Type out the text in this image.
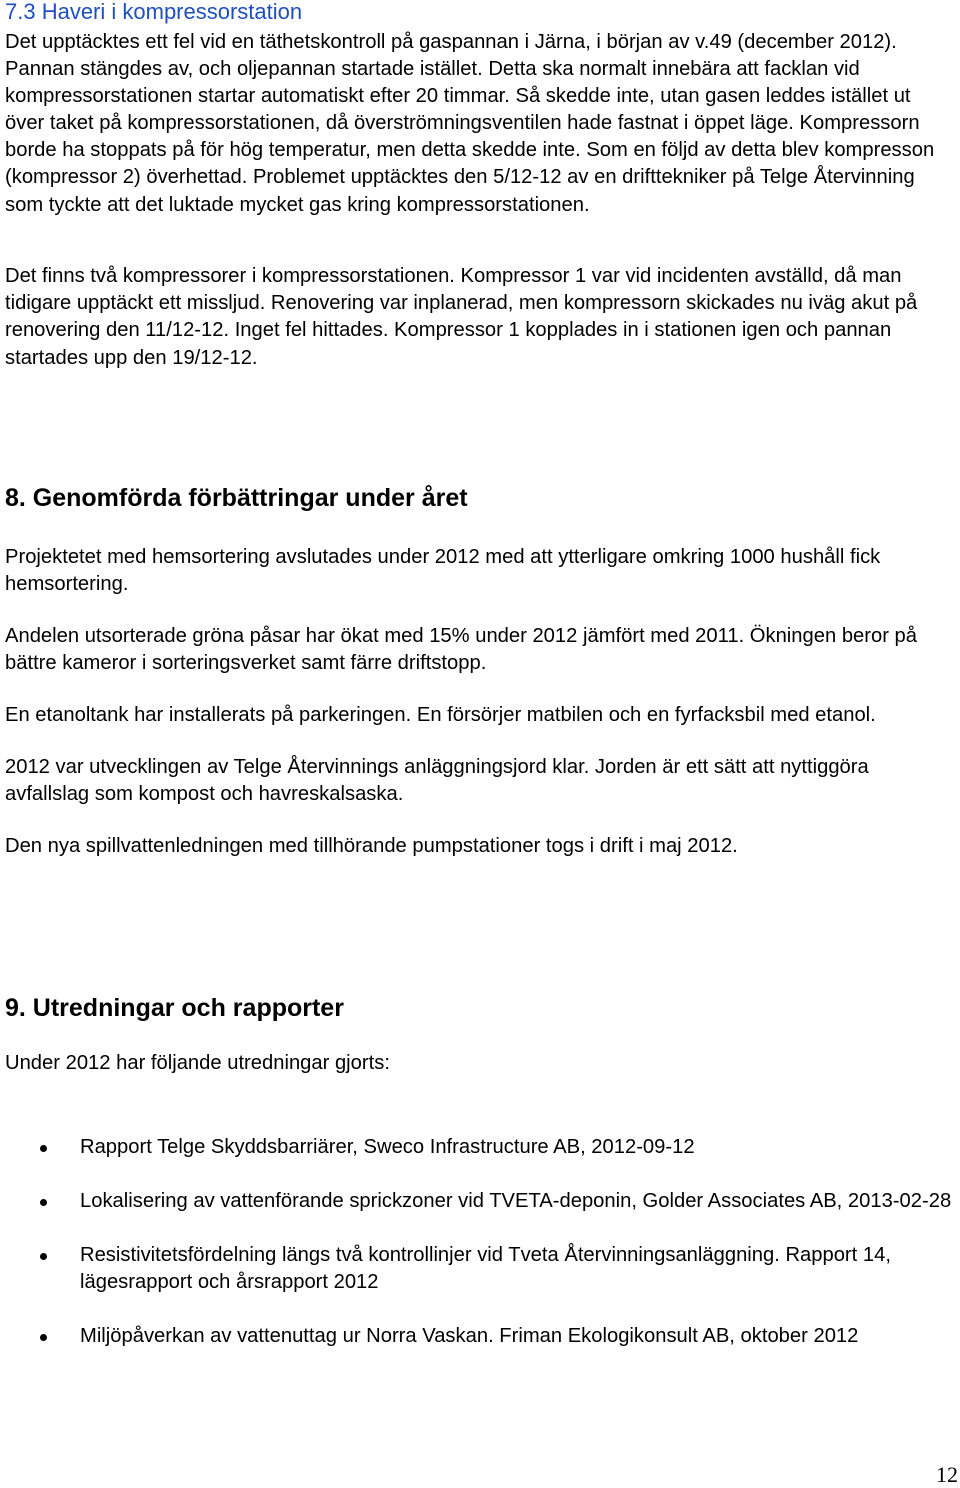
7.3 Haveri i kompressorstation
Det upptäcktes ett fel vid en täthetskontroll på gaspannan i Järna, i början av v.49 (december 2012). Pannan stängdes av, och oljepannan startade istället. Detta ska normalt innebära att facklan vid kompressorstationen startar automatiskt efter 20 timmar. Så skedde inte, utan gasen leddes istället ut över taket på kompressorstationen, då överströmningsventilen hade fastnat i öppet läge. Kompressorn borde ha stoppats på för hög temperatur, men detta skedde inte. Som en följd av detta blev kompresson (kompressor 2) överhettad. Problemet upptäcktes den 5/12-12 av en drifttekniker på Telge Återvinning som tyckte att det luktade mycket gas kring kompressorstationen.
Det finns två kompressorer i kompressorstationen. Kompressor 1 var vid incidenten avställd, då man tidigare upptäckt ett missljud. Renovering var inplanerad, men kompressorn skickades nu iväg akut på renovering den 11/12-12. Inget fel hittades. Kompressor 1 kopplades in i stationen igen och pannan startades upp den 19/12-12.
8. Genomförda förbättringar under året

Projektetet med hemsortering avslutades under 2012 med att ytterligare omkring 1000 hushåll fick hemsortering.

Andelen utsorterade gröna påsar har ökat med 15% under 2012 jämfört med 2011. Ökningen beror på bättre kameror i sorteringsverket samt färre driftstopp.

En etanoltank har installerats på parkeringen. En försörjer matbilen och en fyrfacksbil med etanol.

2012 var utvecklingen av Telge Återvinnings anläggningsjord klar. Jorden är ett sätt att nyttiggöra avfallslag som kompost och havreskalsaska.

Den nya spillvattenledningen med tillhörande pumpstationer togs i drift i maj 2012.

9. Utredningar och rapporter
Under 2012 har följande utredningar gjorts:
Rapport Telge Skyddsbarriärer, Sweco Infrastructure AB, 2012-09-12
Lokalisering av vattenförande sprickzoner vid TVETA-deponin, Golder Associates AB, 2013-02-28
Resistivitetsfördelning längs två kontrollinjer vid Tveta Återvinningsanläggning. Rapport 14, lägesrapport och årsrapport 2012
Miljöpåverkan av vattenuttag ur Norra Vaskan. Friman Ekologikonsult AB, oktober 2012
12
